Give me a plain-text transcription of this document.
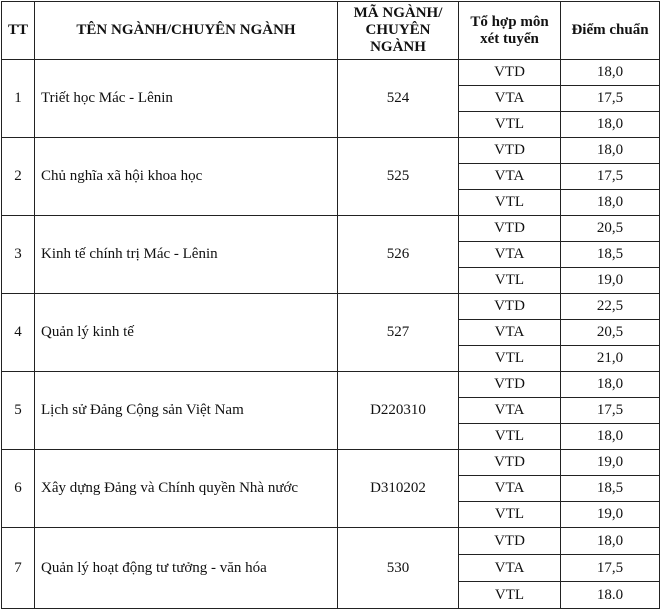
TT	TÊN NGÀNH/CHUYÊN NGÀNH	MÃ NGÀNH/ CHUYÊN NGÀNH	Tổ hợp môn xét tuyển	Điểm chuẩn
1	Triết học Mác - Lênin	524	VTD	18,0
			VTA	17,5
			VTL	18,0
2	Chủ nghĩa xã hội khoa học	525	VTD	18,0
			VTA	17,5
			VTL	18,0
3	Kinh tế chính trị Mác - Lênin	526	VTD	20,5
			VTA	18,5
			VTL	19,0
4	Quản lý kinh tế	527	VTD	22,5
			VTA	20,5
			VTL	21,0
5	Lịch sử Đảng Cộng sản Việt Nam	D220310	VTD	18,0
			VTA	17,5
			VTL	18,0
6	Xây dựng Đảng và Chính quyền Nhà nước	D310202	VTD	19,0
			VTA	18,5
			VTL	19,0
7	Quản lý hoạt động tư tưởng - văn hóa	530	VTD	18,0
			VTA	17,5
			VTL	18.0
